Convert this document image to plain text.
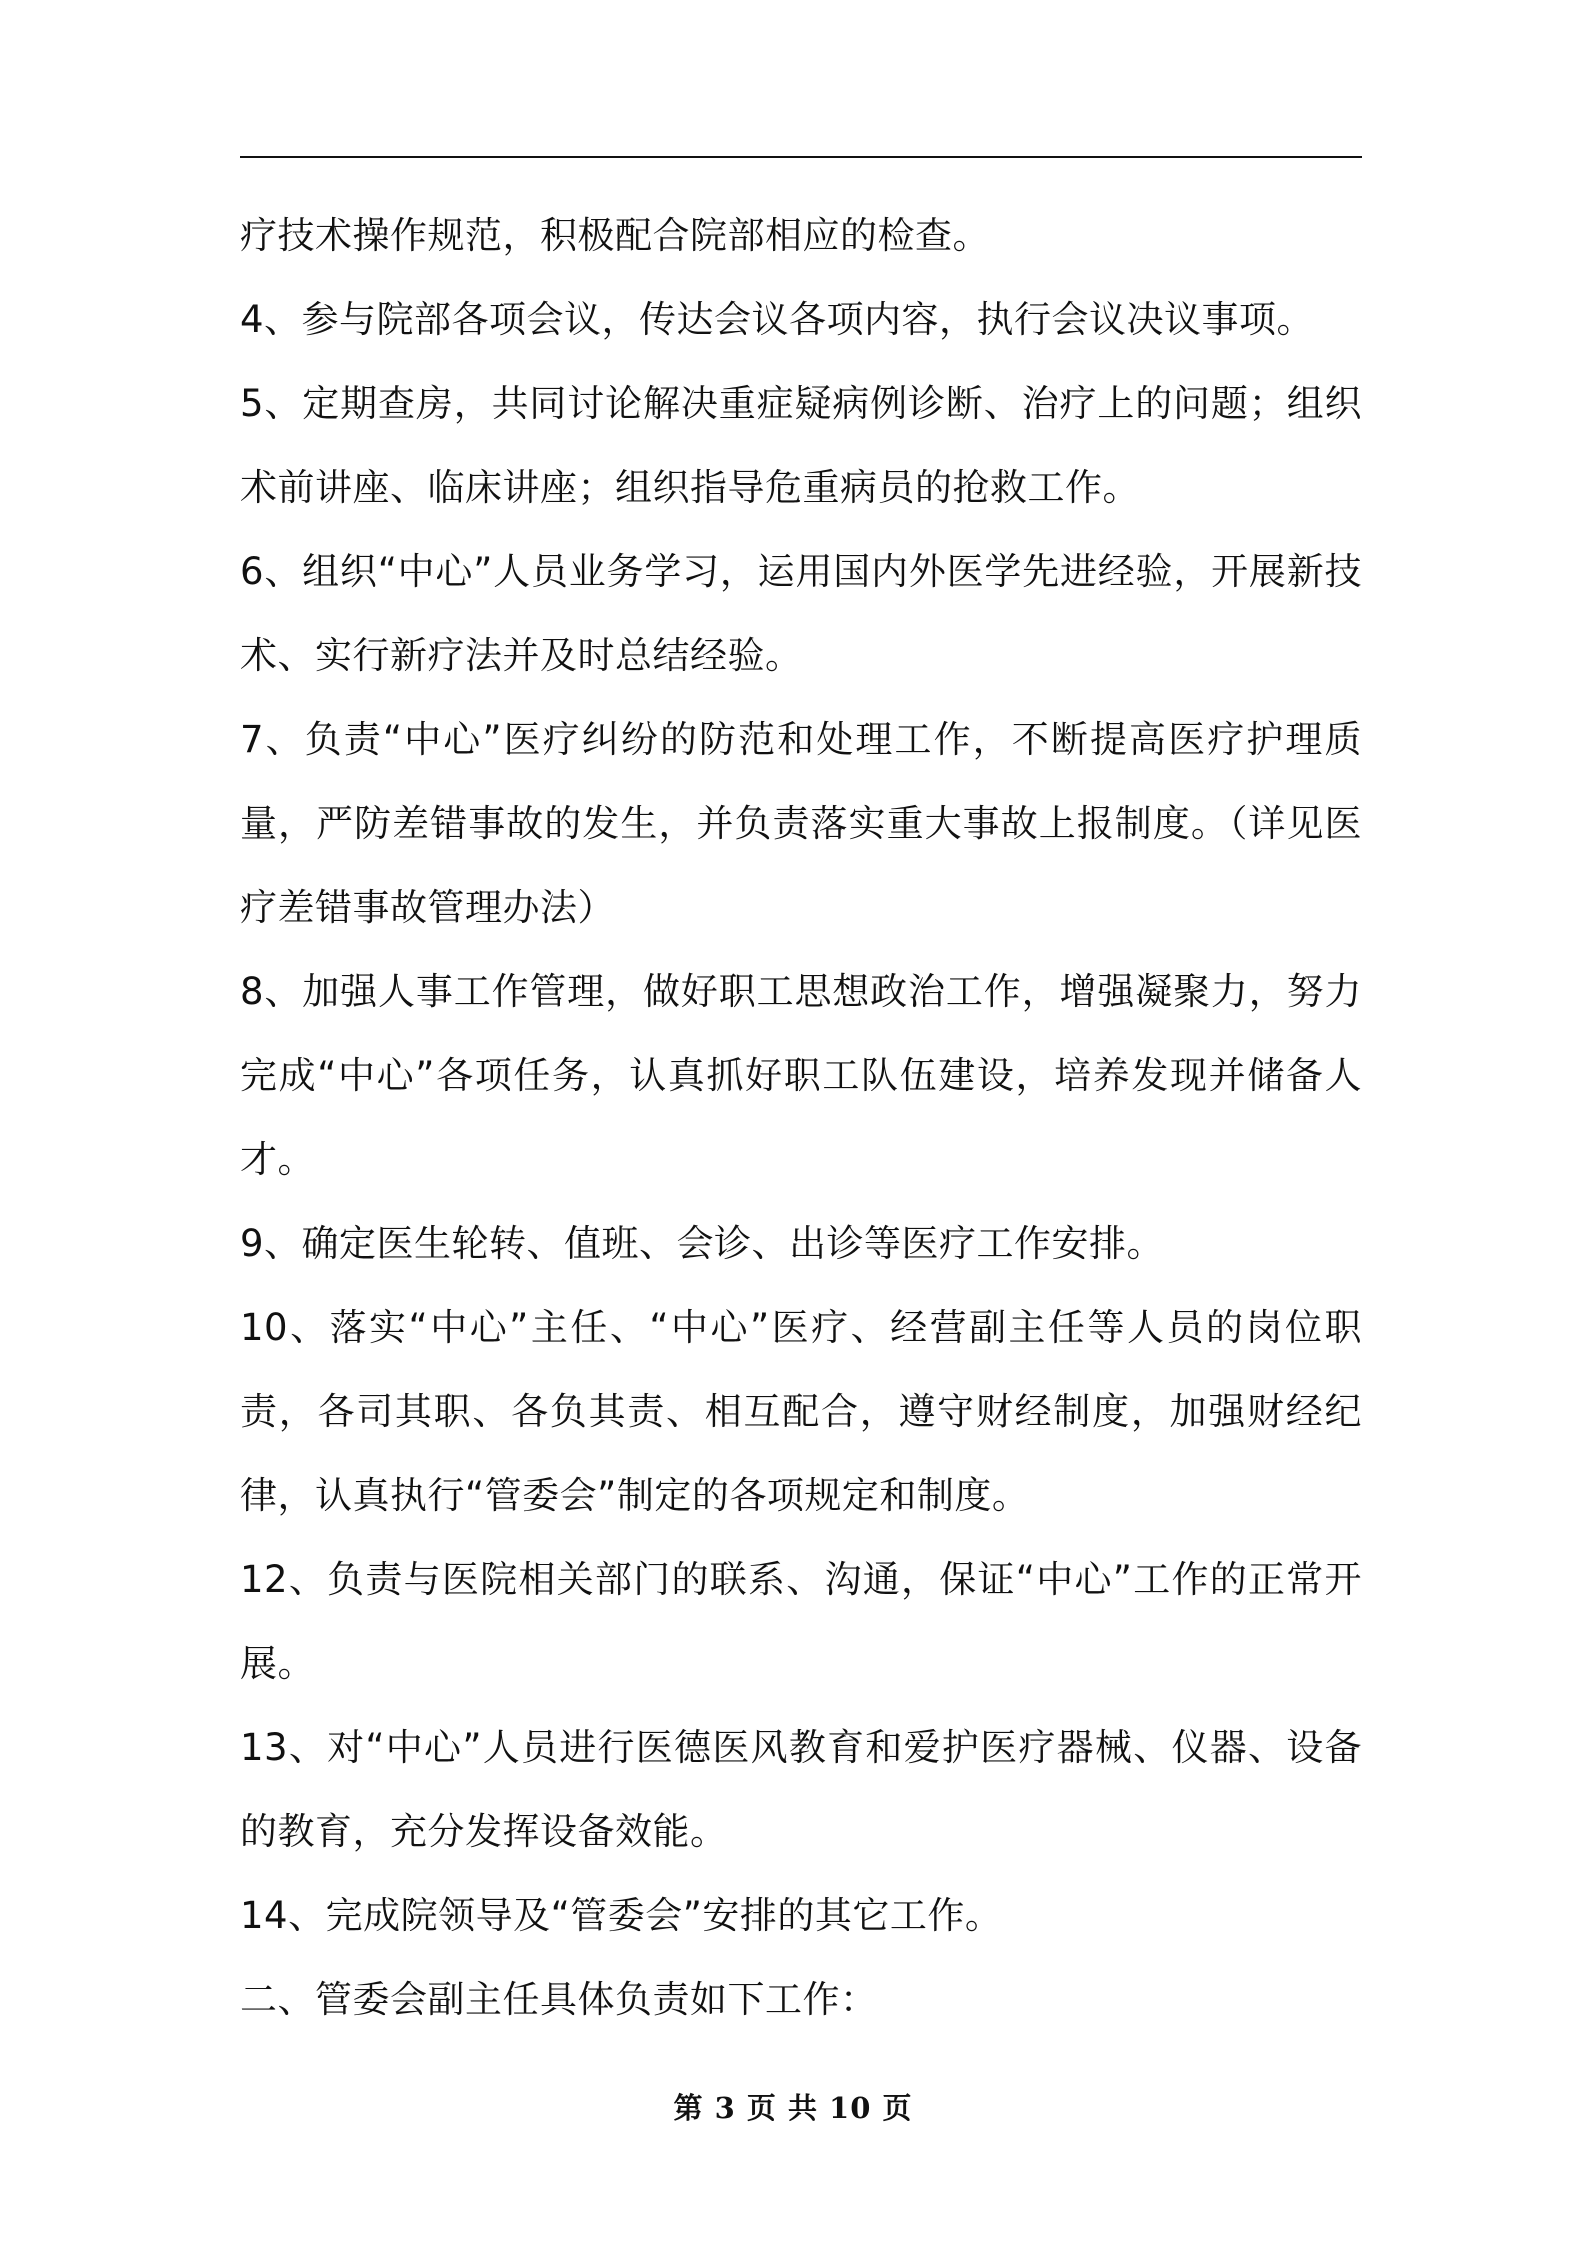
疗技术操作规范，积极配合院部相应的检查。

4、参与院部各项会议，传达会议各项内容，执行会议决议事项。

5、定期查房，共同讨论解决重症疑病例诊断、治疗上的问题；组织术前讲座、临床讲座；组织指导危重病员的抢救工作。

6、组织“中心”人员业务学习，运用国内外医学先进经验，开展新技术、实行新疗法并及时总结经验。

7、负责“中心”医疗纠纷的防范和处理工作，不断提高医疗护理质量，严防差错事故的发生，并负责落实重大事故上报制度。（详见医疗差错事故管理办法）

8、加强人事工作管理，做好职工思想政治工作，增强凝聚力，努力完成“中心”各项任务，认真抓好职工队伍建设，培养发现并储备人才。

9、确定医生轮转、值班、会诊、出诊等医疗工作安排。

10、落实“中心”主任、“中心”医疗、经营副主任等人员的岗位职责，各司其职、各负其责、相互配合，遵守财经制度，加强财经纪律，认真执行“管委会”制定的各项规定和制度。

12、负责与医院相关部门的联系、沟通，保证“中心”工作的正常开展。

13、对“中心”人员进行医德医风教育和爱护医疗器械、仪器、设备的教育，充分发挥设备效能。

14、完成院领导及“管委会”安排的其它工作。

二、管委会副主任具体负责如下工作：

第 3 页 共 10 页
